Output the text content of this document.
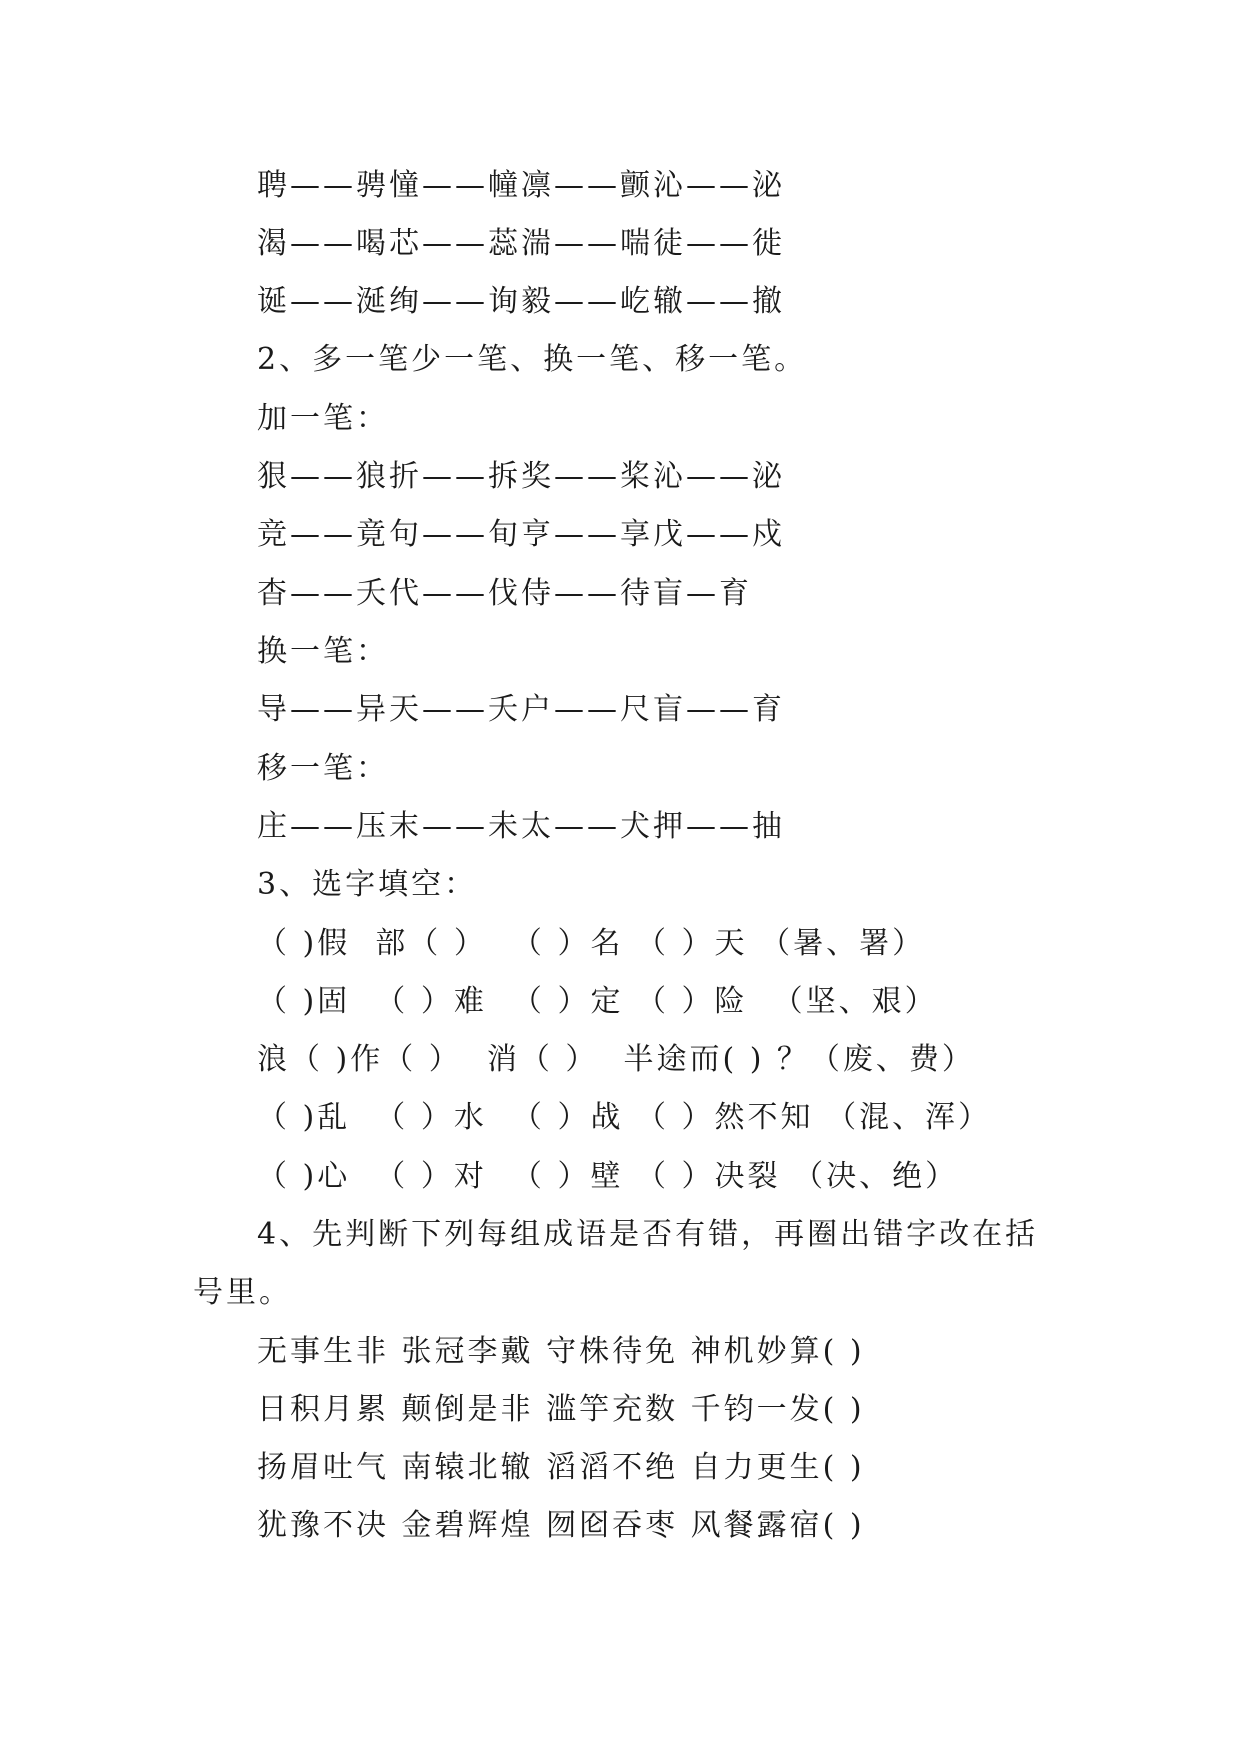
聘——骋憧——幢凛——颤沁——泌
渴——喝芯——蕊湍——喘徒——徙
诞——涎绚——询毅——屹辙——撤
2、多一笔少一笔、换一笔、移一笔。
加一笔：
狠——狼折——拆奖——桨沁——泌
竞——竟句——旬亨——享戊——戍
杳——夭代——伐侍——待盲—育
换一笔：
导——异天——夭户——尺盲——育
移一笔：
庄——压末——未太——犬押——抽
3、选字填空：
（ )假  部（ ）  （ ）名 （ ）天 （暑、署）
（ )固  （ ）难  （ ）定 （ ）险  （坚、艰）
浪（ )作（ ）  消（ ）  半途而( ) ？（废、费）
（ )乱  （ ）水  （ ）战 （ ）然不知 （混、浑）
（ )心  （ ）对  （ ）壁 （ ）决裂 （决、绝）
4、先判断下列每组成语是否有错，再圈出错字改在括
号里。
无事生非 张冠李戴 守株待免 神机妙算( )
日积月累 颠倒是非 滥竽充数 千钧一发( )
扬眉吐气 南辕北辙 滔滔不绝 自力更生( )
犹豫不决 金碧辉煌 囫囵吞枣 风餐露宿( )
